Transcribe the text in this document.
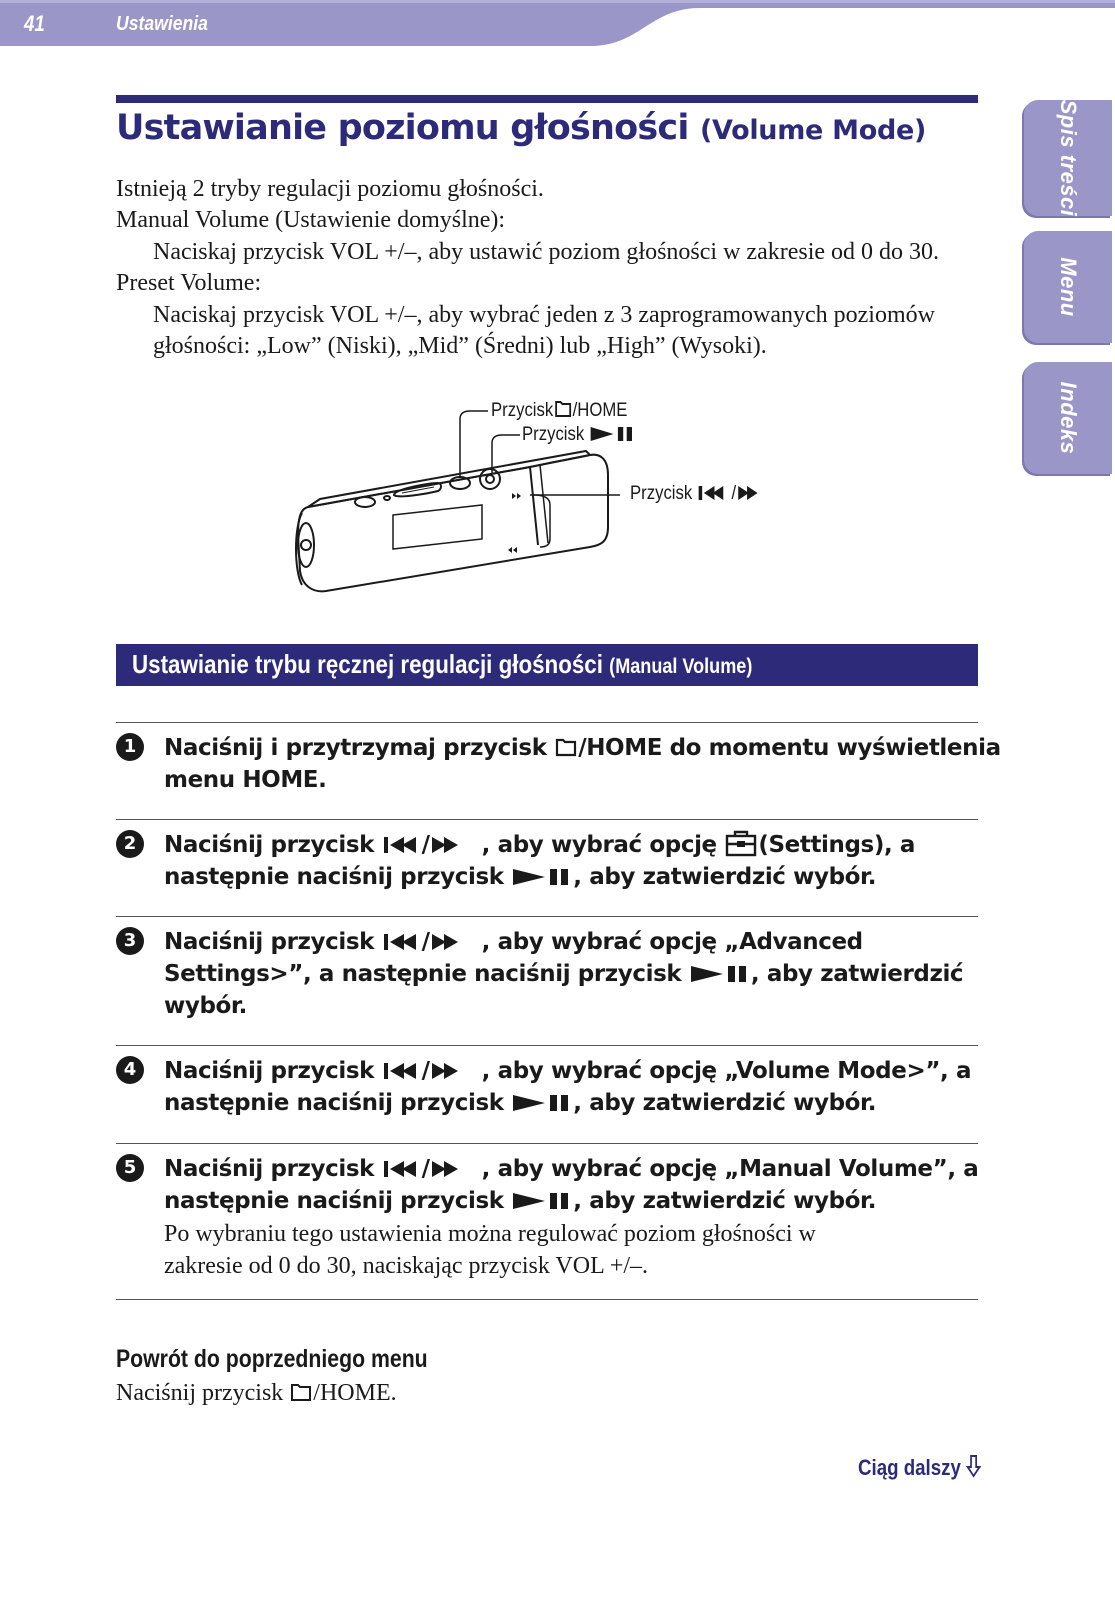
41	Ustawienia
Spis treści
Menu
Indeks
Ustawianie poziomu głośności (Volume Mode)
Istnieją 2 tryby regulacji poziomu głośności.
Manual Volume (Ustawienie domyślne):
Naciskaj przycisk VOL +/–, aby ustawić poziom głośności w zakresie od 0 do 30.
Preset Volume:
Naciskaj przycisk VOL +/–, aby wybrać jeden z 3 zaprogramowanych poziomów
głośności: „Low” (Niski), „Mid” (Średni) lub „High” (Wysoki).
Przycisk /HOME
Przycisk
Przycisk /
Ustawianie trybu ręcznej regulacji głośności (Manual Volume)
1	Naciśnij i przytrzymaj przycisk /HOME do momentu wyświetlenia
menu HOME.
2	Naciśnij przycisk / , aby wybrać opcję (Settings), a
następnie naciśnij przycisk	, aby zatwierdzić wybór.
3	Naciśnij przycisk / , aby wybrać opcję „Advanced
Settings>”, a następnie naciśnij przycisk	, aby zatwierdzić
wybór.
4	Naciśnij przycisk / , aby wybrać opcję „Volume Mode>”, a
następnie naciśnij przycisk	, aby zatwierdzić wybór.
5	Naciśnij przycisk / , aby wybrać opcję „Manual Volume”, a
następnie naciśnij przycisk	, aby zatwierdzić wybór.
Po wybraniu tego ustawienia można regulować poziom głośności w
zakresie od 0 do 30, naciskając przycisk VOL +/–.
Powrót do poprzedniego menu
Naciśnij przycisk /HOME.
Ciąg dalszy
